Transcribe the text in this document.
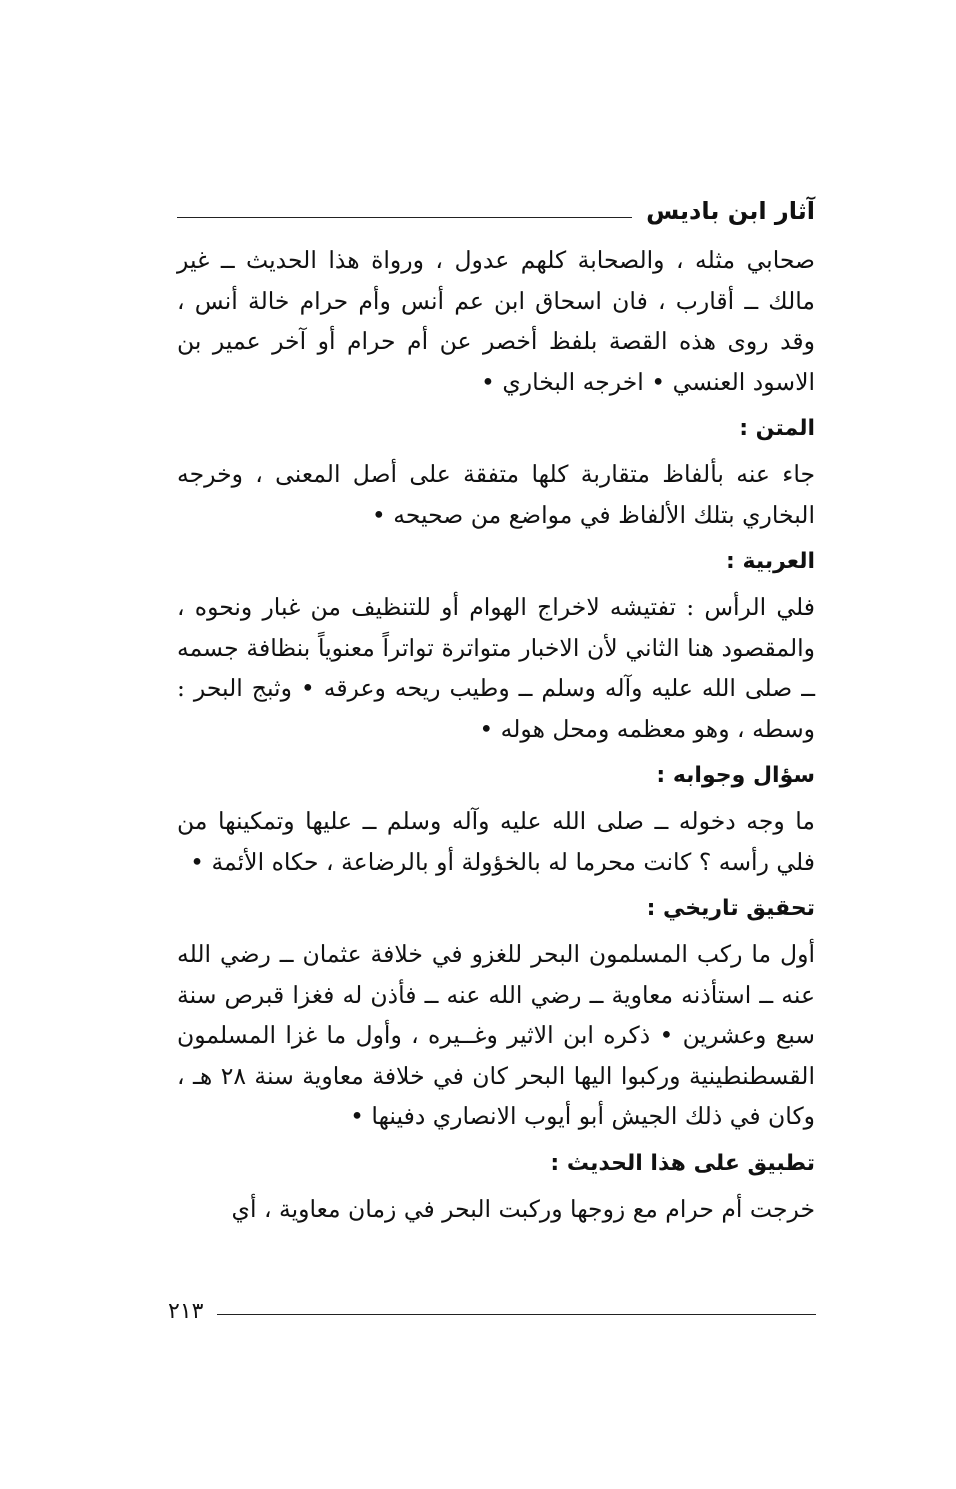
آثار ابن باديس

صحابي مثله ، والصحابة كلهم عدول ، ورواة هذا الحديث ــ غير مالك ــ أقارب ، فان اسحاق ابن عم أنس وأم حرام خالة أنس ، وقد روى هذه القصة بلفظ أخصر عن أم حرام أو آخر عمير بن الاسود العنسي • اخرجه البخاري •

المتن :

جاء عنه بألفاظ متقاربة كلها متفقة على أصل المعنى ، وخرجه البخاري بتلك الألفاظ في مواضع من صحيحه •

العربية :

فلي الرأس : تفتيشه لاخراج الهوام أو للتنظيف من غبار ونحوه ، والمقصود هنا الثاني لأن الاخبار متواترة تواتراً معنوياً بنظافة جسمه ــ صلى الله عليه وآله وسلم ــ وطيب ريحه وعرقه • وثبج البحر : وسطه ، وهو معظمه ومحل هوله •

سؤال وجوابه :

ما وجه دخوله ــ صلى الله عليه وآله وسلم ــ عليها وتمكينها من فلي رأسه ؟ كانت محرما له بالخؤولة أو بالرضاعة ، حكاه الأئمة •

تحقيق تاريخي :

أول ما ركب المسلمون البحر للغزو في خلافة عثمان ــ رضي الله عنه ــ استأذنه معاوية ــ رضي الله عنه ــ فأذن له فغزا قبرص سنة سبع وعشرين • ذكره ابن الاثير وغــيره ، وأول ما غزا المسلمون القسطنطينية وركبوا اليها البحر كان في خلافة معاوية سنة ٢٨ هـ ، وكان في ذلك الجيش أبو أيوب الانصاري دفينها •

تطبيق على هذا الحديث :

خرجت أم حرام مع زوجها وركبت البحر في زمان معاوية ، أي

٢١٣
